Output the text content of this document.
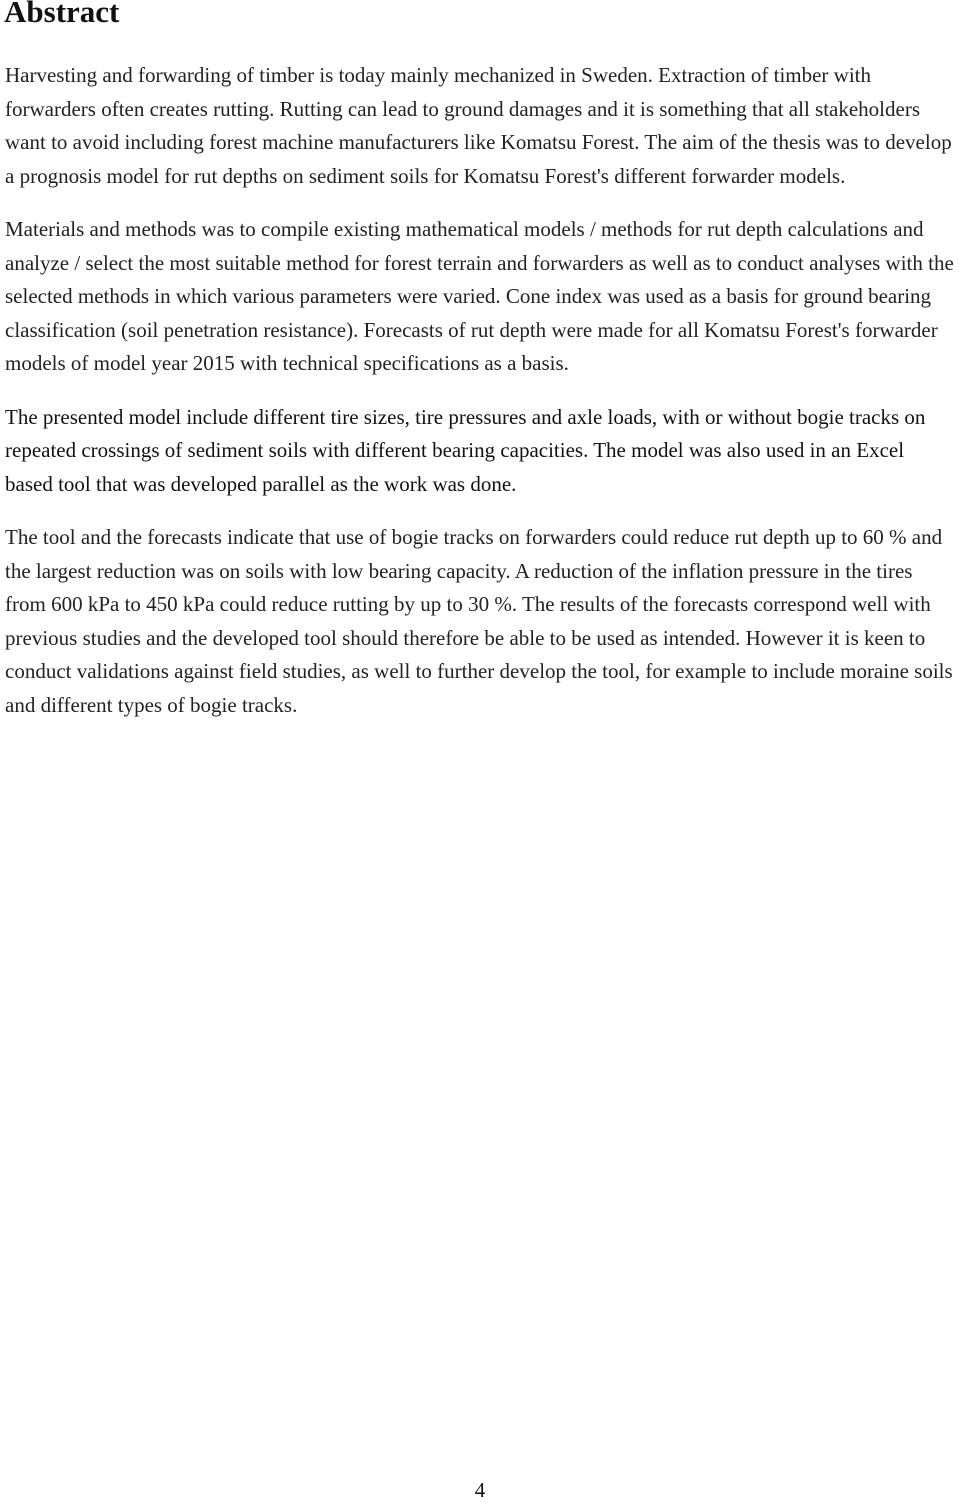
Abstract

Harvesting and forwarding of timber is today mainly mechanized in Sweden. Extraction of timber with forwarders often creates rutting. Rutting can lead to ground damages and it is something that all stakeholders want to avoid including forest machine manufacturers like Komatsu Forest. The aim of the thesis was to develop a prognosis model for rut depths on sediment soils for Komatsu Forest's different forwarder models.

Materials and methods was to compile existing mathematical models / methods for rut depth calculations and analyze / select the most suitable method for forest terrain and forwarders as well as to conduct analyses with the selected methods in which various parameters were varied. Cone index was used as a basis for ground bearing classification (soil penetration resistance). Forecasts of rut depth were made for all Komatsu Forest's forwarder models of model year 2015 with technical specifications as a basis.

The presented model include different tire sizes, tire pressures and axle loads, with or without bogie tracks on repeated crossings of sediment soils with different bearing capacities. The model was also used in an Excel based tool that was developed parallel as the work was done.

The tool and the forecasts indicate that use of bogie tracks on forwarders could reduce rut depth up to 60 % and the largest reduction was on soils with low bearing capacity. A reduction of the inflation pressure in the tires from 600 kPa to 450 kPa could reduce rutting by up to 30 %. The results of the forecasts correspond well with previous studies and the developed tool should therefore be able to be used as intended. However it is keen to conduct validations against field studies, as well to further develop the tool, for example to include moraine soils and different types of bogie tracks.

4
